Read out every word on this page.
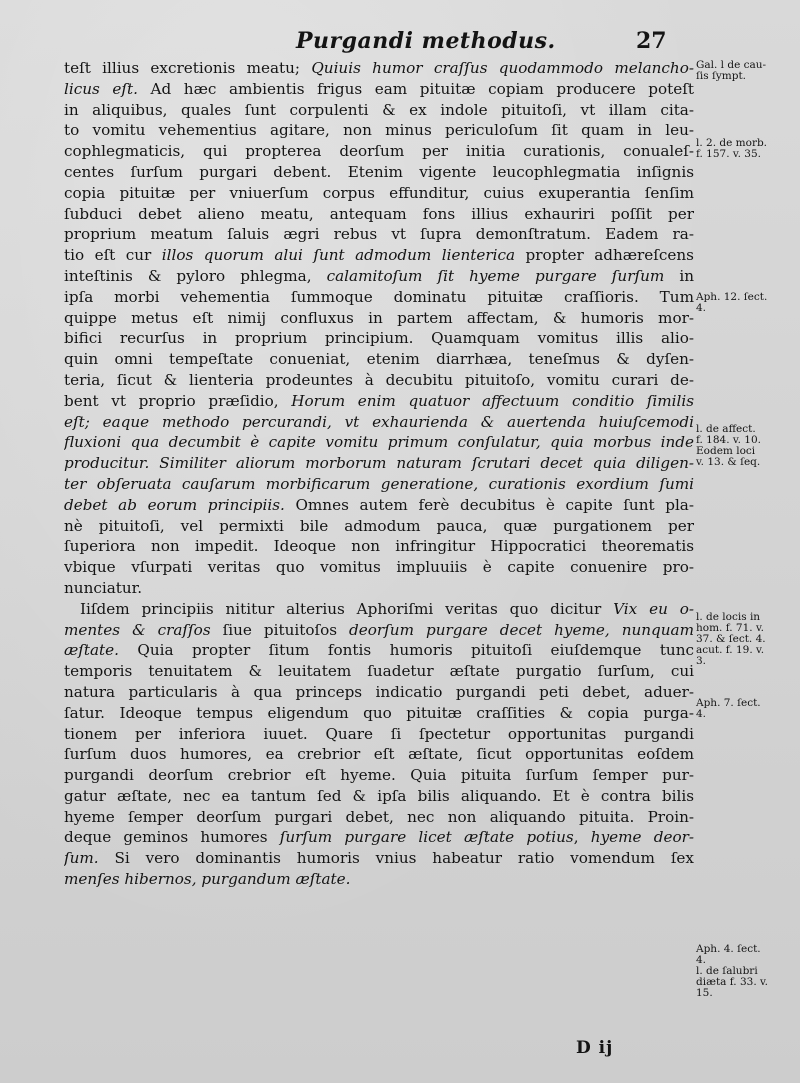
Purgandi methodus.	27
teſt illius excretionis meatu; Quiuis humor craſſus quodammodo melancho-
licus eſt. Ad hæc ambientis frigus eam pituitæ copiam producere poteſt
in aliquibus, quales ſunt corpulenti & ex indole pituitoſi, vt illam cita-
to vomitu vehementius agitare, non minus periculoſum ſit quam in leu-
cophlegmaticis, qui propterea deorſum per initia curationis, conualeſ-
centes ſurſum purgari debent. Etenim vigente leucophlegmatia inſignis
copia pituitæ per vniuerſum corpus effunditur, cuius exuperantia ſenſim
ſubduci debet alieno meatu, antequam fons illius exhauriri poſſit per
proprium meatum ſaluis ægri rebus vt ſupra demonſtratum. Eadem ra-
tio eſt cur illos quorum alui ſunt admodum lienterica propter adhæreſcens
inteſtinis & pyloro phlegma, calamitoſum ſit hyeme purgare ſurſum in
ipſa morbi vehementia ſummoque dominatu pituitæ craſſioris. Tum
quippe metus eſt nimij confluxus in partem affectam, & humoris mor-
bifici recurſus in proprium principium. Quamquam vomitus illis alio-
quin omni tempeſtate conueniat, etenim diarrhæa, teneſmus & dyſen-
teria, ſicut & lienteria prodeuntes à decubitu pituitoſo, vomitu curari de-
bent vt proprio præſidio, Horum enim quatuor affectuum conditio ſimilis
eſt; eaque methodo percurandi, vt exhaurienda & auertenda huiuſcemodi
fluxioni qua decumbit è capite vomitu primum conſulatur, quia morbus inde
producitur. Similiter aliorum morborum naturam ſcrutari decet quia diligen-
ter obſeruata cauſarum morbificarum generatione, curationis exordium ſumi
debet ab eorum principiis. Omnes autem ferè decubitus è capite ſunt pla-
nè pituitoſi, vel permixti bile admodum pauca, quæ purgationem per
ſuperiora non impedit. Ideoque non infringitur Hippocratici theorematis
vbique vſurpati veritas quo vomitus impluuiis è capite conuenire pro-
nunciatur.
Iiſdem principiis nititur alterius Aphoriſmi veritas quo dicitur Vix eu o-
mentes & craſſos ſiue pituitoſos deorſum purgare decet hyeme, nunquam
æſtate. Quia propter ſitum fontis humoris pituitoſi eiuſdemque tunc
temporis tenuitatem & leuitatem ſuadetur æſtate purgatio ſurſum, cui
natura particularis à qua princeps indicatio purgandi peti debet, aduer-
ſatur. Ideoque tempus eligendum quo pituitæ craſſities & copia purga-
tionem per inferiora iuuet. Quare ſi ſpectetur opportunitas purgandi
ſurſum duos humores, ea crebrior eſt æſtate, ſicut opportunitas eoſdem
purgandi deorſum crebrior eſt hyeme. Quia pituita ſurſum ſemper pur-
gatur æſtate, nec ea tantum ſed & ipſa bilis aliquando. Et è contra bilis
hyeme ſemper deorſum purgari debet, nec non aliquando pituita. Proin-
deque geminos humores ſurſum purgare licet æſtate potius, hyeme deor-
ſum. Si vero dominantis humoris vnius habeatur ratio vomendum ſex
menſes hibernos, purgandum æſtate.
Gal. l de cau-
ſis ſympt.
l. 2. de morb.
f. 157. v. 35.
Aph. 12. ſect.
4.
l. de affect.
f. 184. v. 10.
Eodem loci
v. 13. & ſeq.
l. de locis in
hom. f. 71. v.
37. & ſect. 4.
acut. f. 19. v.
3.
Aph. 7. ſect.
4.
Aph. 4. ſect.
4.
l. de ſalubri
diæta f. 33. v.
15.
D ij
